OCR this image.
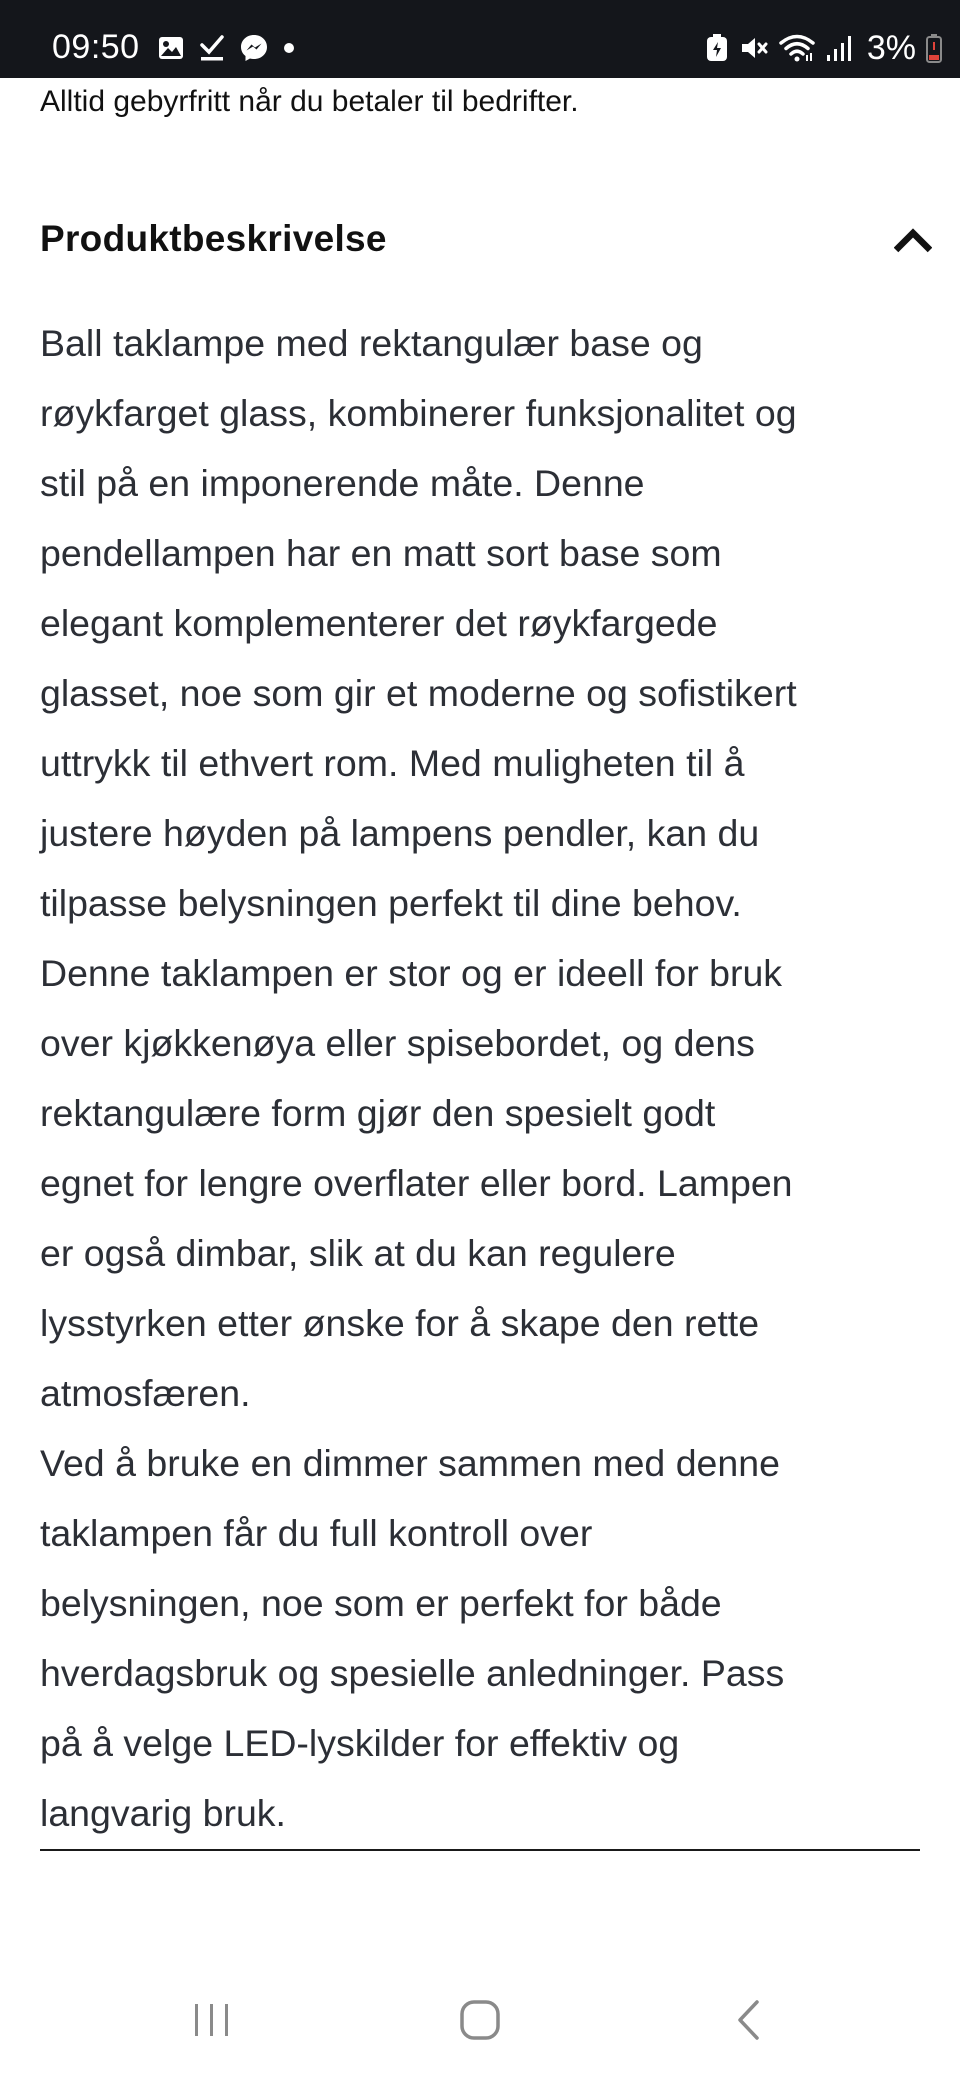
09:50	3%
Alltid gebyrfritt når du betaler til bedrifter.
Produktbeskrivelse

Ball taklampe med rektangulær base og
røykfarget glass, kombinerer funksjonalitet og
stil på en imponerende måte. Denne
pendellampen har en matt sort base som
elegant komplementerer det røykfargede
glasset, noe som gir et moderne og sofistikert
uttrykk til ethvert rom. Med muligheten til å
justere høyden på lampens pendler, kan du
tilpasse belysningen perfekt til dine behov.
Denne taklampen er stor og er ideell for bruk
over kjøkkenøya eller spisebordet, og dens
rektangulære form gjør den spesielt godt
egnet for lengre overflater eller bord. Lampen
er også dimbar, slik at du kan regulere
lysstyrken etter ønske for å skape den rette
atmosfæren.

Ved å bruke en dimmer sammen med denne
taklampen får du full kontroll over
belysningen, noe som er perfekt for både
hverdagsbruk og spesielle anledninger. Pass
på å velge LED-lyskilder for effektiv og
langvarig bruk.
